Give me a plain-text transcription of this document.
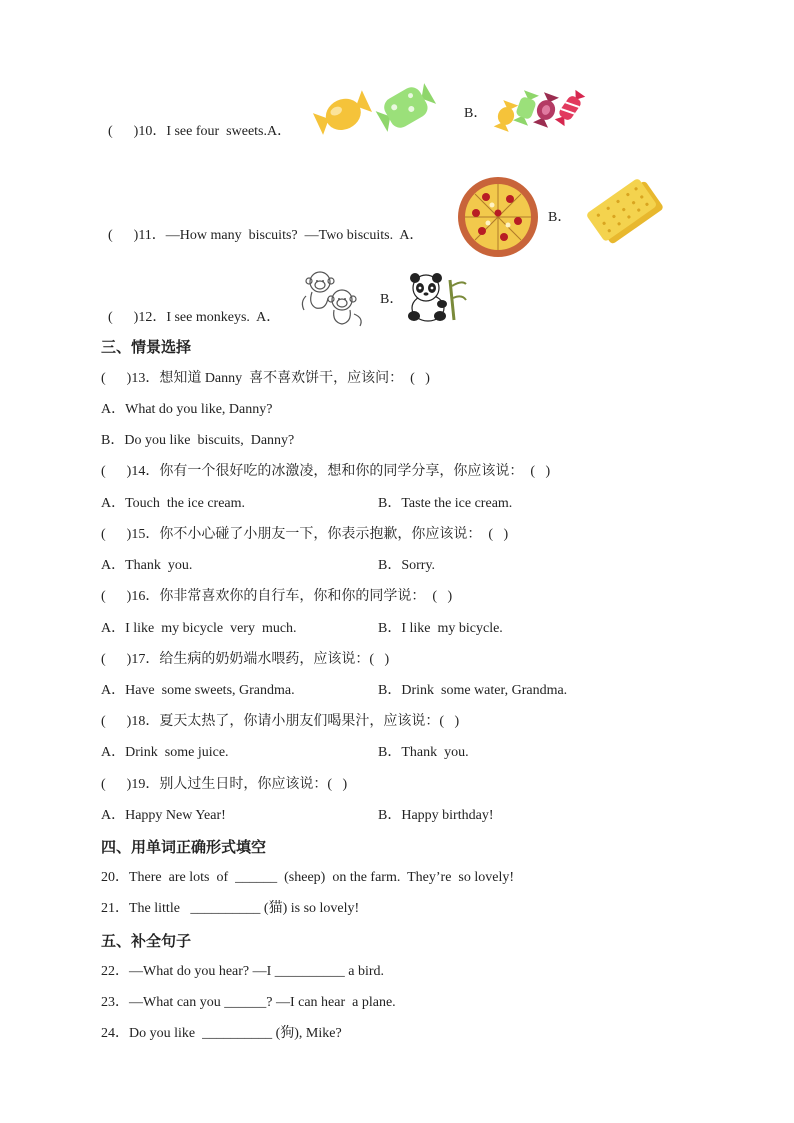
(      )10．I see four  sweets.A．

B．

(      )11．—How many  biscuits?  —Two biscuits.  A．

B．

(      )12．I see monkeys.  A．

B．
三、情景选择
(      )13．想知道 Danny  喜不喜欢饼干，应该问：  (   )
A．What do you like, Danny?
B．Do you like  biscuits,  Danny?
(      )14．你有一个很好吃的冰激凌，想和你的同学分享，你应该说：  (   )
A．Touch  the ice cream.	B．Taste the ice cream.
(      )15．你不小心碰了小朋友一下，你表示抱歉，你应该说：  (   )
A．Thank  you.	B．Sorry.
(      )16．你非常喜欢你的自行车，你和你的同学说：  (   )
A．I like  my bicycle  very  much.	B．I like  my bicycle.
(      )17．给生病的奶奶端水喂药，应该说：(   )
A．Have  some sweets, Grandma.	B．Drink  some water, Grandma.
(      )18．夏天太热了，你请小朋友们喝果汁，应该说：(   )
A．Drink  some juice.	B．Thank  you.
(      )19．别人过生日时，你应该说：(   )
A．Happy New Year!	B．Happy birthday!
四、用单词正确形式填空
20．There  are lots  of  ______  (sheep)  on the farm.  They’re  so lovely!
21．The little   __________ (猫) is so lovely!
五、补全句子
22．—What do you hear? —I __________ a bird.
23．—What can you ______? —I can hear  a plane.
24．Do you like  __________ (狗), Mike?
